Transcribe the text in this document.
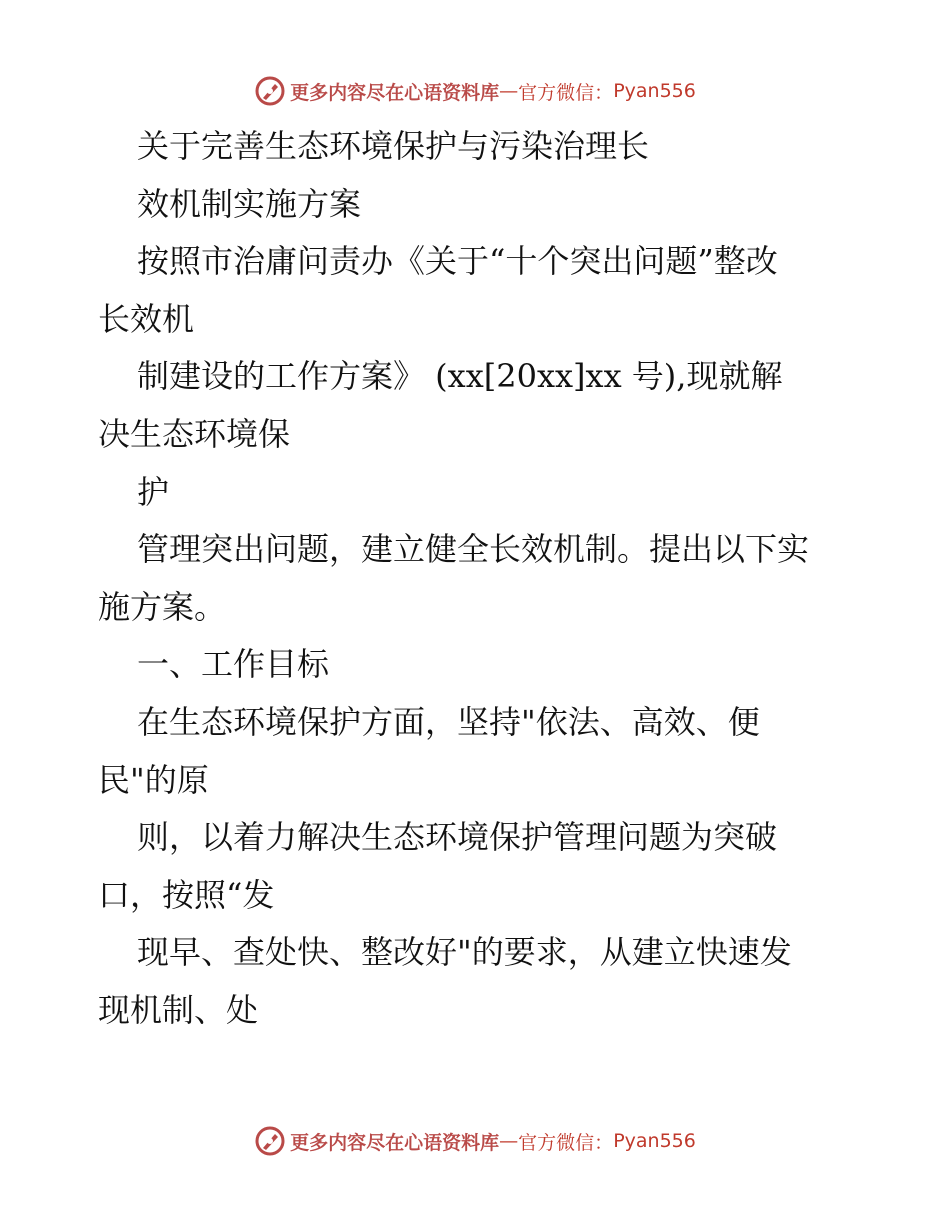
更多内容尽在心语资料库 — 官方微信： Pyan556
关于完善生态环境保护与污染治理长
效机制实施方案
按照市治庸问责办《关于“十个突出问题”整改
长效机
制建设的工作方案》 (xx[20xx]xx 号),现就解
决生态环境保
护
管理突出问题，建立健全长效机制。提出以下实
施方案。
一、工作目标
在生态环境保护方面，坚持"依法、高效、便
民"的原
则，以着力解决生态环境保护管理问题为突破
口，按照“发
现早、查处快、整改好"的要求，从建立快速发
现机制、处
更多内容尽在心语资料库 — 官方微信： Pyan556
